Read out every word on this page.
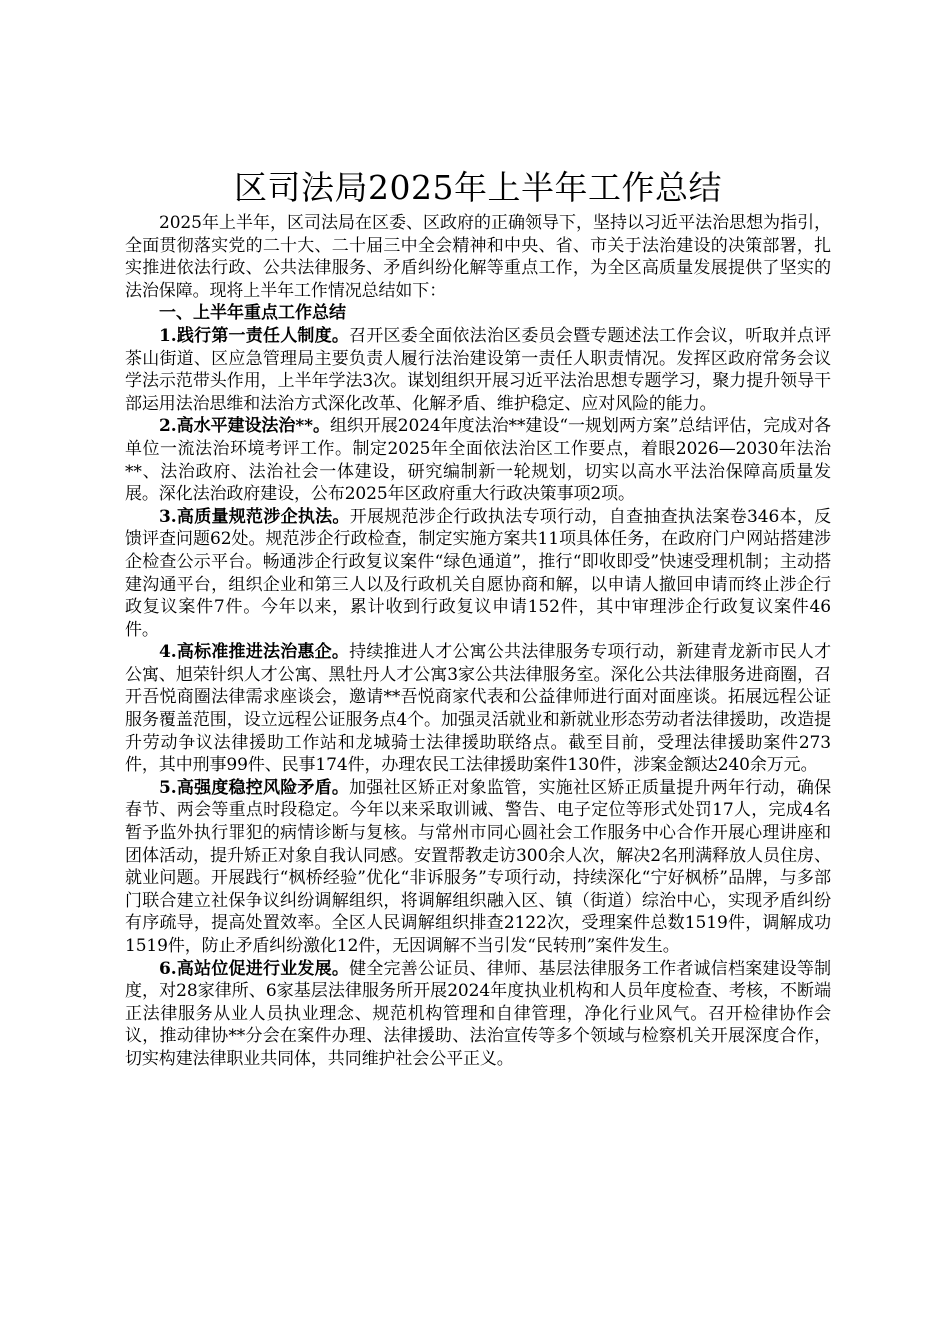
区司法局2025年上半年工作总结

2025年上半年，区司法局在区委、区政府的正确领导下，坚持以习近平法治思想为指引，全面贯彻落实党的二十大、二十届三中全会精神和中央、省、市关于法治建设的决策部署，扎实推进依法行政、公共法律服务、矛盾纠纷化解等重点工作，为全区高质量发展提供了坚实的法治保障。现将上半年工作情况总结如下：

一、上半年重点工作总结

1.践行第一责任人制度。召开区委全面依法治区委员会暨专题述法工作会议，听取并点评茶山街道、区应急管理局主要负责人履行法治建设第一责任人职责情况。发挥区政府常务会议学法示范带头作用，上半年学法3次。谋划组织开展习近平法治思想专题学习，聚力提升领导干部运用法治思维和法治方式深化改革、化解矛盾、维护稳定、应对风险的能力。

2.高水平建设法治**。组织开展2024年度法治**建设“一规划两方案”总结评估，完成对各单位一流法治环境考评工作。制定2025年全面依法治区工作要点，着眼2026—2030年法治**、法治政府、法治社会一体建设，研究编制新一轮规划，切实以高水平法治保障高质量发展。深化法治政府建设，公布2025年区政府重大行政决策事项2项。

3.高质量规范涉企执法。开展规范涉企行政执法专项行动，自查抽查执法案卷346本，反馈评查问题62处。规范涉企行政检查，制定实施方案共11项具体任务，在政府门户网站搭建涉企检查公示平台。畅通涉企行政复议案件“绿色通道”，推行“即收即受”快速受理机制；主动搭建沟通平台，组织企业和第三人以及行政机关自愿协商和解，以申请人撤回申请而终止涉企行政复议案件7件。今年以来，累计收到行政复议申请152件，其中审理涉企行政复议案件46件。

4.高标准推进法治惠企。持续推进人才公寓公共法律服务专项行动，新建青龙新市民人才公寓、旭荣针织人才公寓、黑牡丹人才公寓3家公共法律服务室。深化公共法律服务进商圈，召开吾悦商圈法律需求座谈会，邀请**吾悦商家代表和公益律师进行面对面座谈。拓展远程公证服务覆盖范围，设立远程公证服务点4个。加强灵活就业和新就业形态劳动者法律援助，改造提升劳动争议法律援助工作站和龙城骑士法律援助联络点。截至目前，受理法律援助案件273件，其中刑事99件、民事174件，办理农民工法律援助案件130件，涉案金额达240余万元。

5.高强度稳控风险矛盾。加强社区矫正对象监管，实施社区矫正质量提升两年行动，确保春节、两会等重点时段稳定。今年以来采取训诫、警告、电子定位等形式处罚17人，完成4名暂予监外执行罪犯的病情诊断与复核。与常州市同心圆社会工作服务中心合作开展心理讲座和团体活动，提升矫正对象自我认同感。安置帮教走访300余人次，解决2名刑满释放人员住房、就业问题。开展践行“枫桥经验”优化“非诉服务”专项行动，持续深化“宁好枫桥”品牌，与多部门联合建立社保争议纠纷调解组织，将调解组织融入区、镇（街道）综治中心，实现矛盾纠纷有序疏导，提高处置效率。全区人民调解组织排查2122次，受理案件总数1519件，调解成功1519件，防止矛盾纠纷激化12件，无因调解不当引发“民转刑”案件发生。

6.高站位促进行业发展。健全完善公证员、律师、基层法律服务工作者诚信档案建设等制度，对28家律所、6家基层法律服务所开展2024年度执业机构和人员年度检查、考核，不断端正法律服务从业人员执业理念、规范机构管理和自律管理，净化行业风气。召开检律协作会议，推动律协**分会在案件办理、法律援助、法治宣传等多个领域与检察机关开展深度合作，切实构建法律职业共同体，共同维护社会公平正义。
